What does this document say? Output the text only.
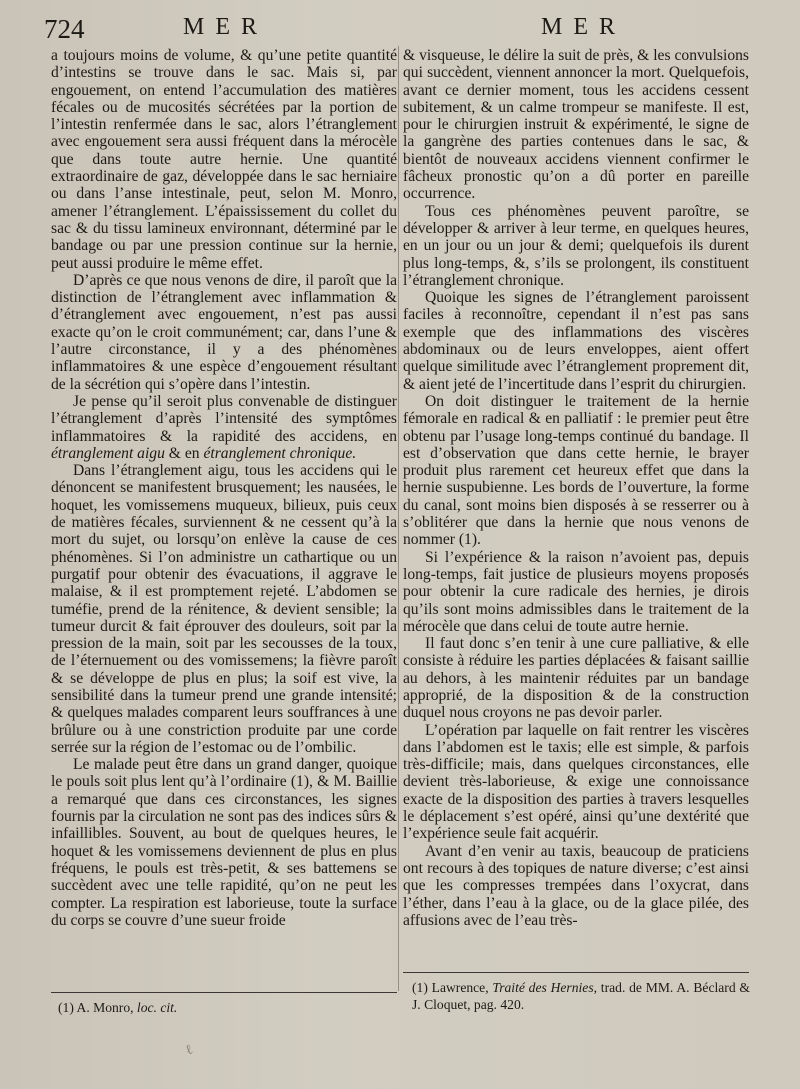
724	MER	MER

a toujours moins de volume, & qu’une petite quantité d’intestins se trouve dans le sac. Mais si, par engouement, on entend l’accumulation des matières fécales ou de mucosités sécrétées par la portion de l’intestin renfermée dans le sac, alors l’étranglement avec engouement sera aussi fréquent dans la mérocèle que dans toute autre hernie. Une quantité extraordinaire de gaz, développée dans le sac herniaire ou dans l’anse intestinale, peut, selon M. Monro, amener l’étranglement. L’épaississement du collet du sac & du tissu lamineux environnant, déterminé par le bandage ou par une pression continue sur la hernie, peut aussi produire le même effet.

D’après ce que nous venons de dire, il paroît que la distinction de l’étranglement avec inflammation & d’étranglement avec engouement, n’est pas aussi exacte qu’on le croit communément; car, dans l’une & l’autre circonstance, il y a des phénomènes inflammatoires & une espèce d’engouement résultant de la sécrétion qui s’opère dans l’intestin.

Je pense qu’il seroit plus convenable de distinguer l’étranglement d’après l’intensité des symptômes inflammatoires & la rapidité des accidens, en étranglement aigu & en étranglement chronique.

Dans l’étranglement aigu, tous les accidens qui le dénoncent se manifestent brusquement; les nausées, le hoquet, les vomissemens muqueux, bilieux, puis ceux de matières fécales, surviennent & ne cessent qu’à la mort du sujet, ou lorsqu’on enlève la cause de ces phénomènes. Si l’on administre un cathartique ou un purgatif pour obtenir des évacuations, il aggrave le malaise, & il est promptement rejeté. L’abdomen se tuméfie, prend de la rénitence, & devient sensible; la tumeur durcit & fait éprouver des douleurs, soit par la pression de la main, soit par les secousses de la toux, de l’éternuement ou des vomissemens; la fièvre paroît & se développe de plus en plus; la soif est vive, la sensibilité dans la tumeur prend une grande intensité; & quelques malades comparent leurs souffrances à une brûlure ou à une constriction produite par une corde serrée sur la région de l’estomac ou de l’ombilic.

Le malade peut être dans un grand danger, quoique le pouls soit plus lent qu’à l’ordinaire (1), & M. Baillie a remarqué que dans ces circonstances, les signes fournis par la circulation ne sont pas des indices sûrs & infaillibles. Souvent, au bout de quelques heures, le hoquet & les vomissemens deviennent de plus en plus fréquens, le pouls est très-petit, & ses battemens se succèdent avec une telle rapidité, qu’on ne peut les compter. La respiration est laborieuse, toute la surface du corps se couvre d’une sueur froide

& visqueuse, le délire la suit de près, & les convulsions qui succèdent, viennent annoncer la mort. Quelquefois, avant ce dernier moment, tous les accidens cessent subitement, & un calme trompeur se manifeste. Il est, pour le chirurgien instruit & expérimenté, le signe de la gangrène des parties contenues dans le sac, & bientôt de nouveaux accidens viennent confirmer le fâcheux pronostic qu’on a dû porter en pareille occurrence.

Tous ces phénomènes peuvent paroître, se développer & arriver à leur terme, en quelques heures, en un jour ou un jour & demi; quelquefois ils durent plus long-temps, &, s’ils se prolongent, ils constituent l’étranglement chronique.

Quoique les signes de l’étranglement paroissent faciles à reconnoître, cependant il n’est pas sans exemple que des inflammations des viscères abdominaux ou de leurs enveloppes, aient offert quelque similitude avec l’étranglement proprement dit, & aient jeté de l’incertitude dans l’esprit du chirurgien.

On doit distinguer le traitement de la hernie fémorale en radical & en palliatif : le premier peut être obtenu par l’usage long-temps continué du bandage. Il est d’observation que dans cette hernie, le brayer produit plus rarement cet heureux effet que dans la hernie suspubienne. Les bords de l’ouverture, la forme du canal, sont moins bien disposés à se resserrer ou à s’oblitérer que dans la hernie que nous venons de nommer (1).

Si l’expérience & la raison n’avoient pas, depuis long-temps, fait justice de plusieurs moyens proposés pour obtenir la cure radicale des hernies, je dirois qu’ils sont moins admissibles dans le traitement de la mérocèle que dans celui de toute autre hernie.

Il faut donc s’en tenir à une cure palliative, & elle consiste à réduire les parties déplacées & faisant saillie au dehors, à les maintenir réduites par un bandage approprié, de la disposition & de la construction duquel nous croyons ne pas devoir parler.

L’opération par laquelle on fait rentrer les viscères dans l’abdomen est le taxis; elle est simple, & parfois très-difficile; mais, dans quelques circonstances, elle devient très-laborieuse, & exige une connoissance exacte de la disposition des parties à travers lesquelles le déplacement s’est opéré, ainsi qu’une dextérité que l’expérience seule fait acquérir.

Avant d’en venir au taxis, beaucoup de praticiens ont recours à des topiques de nature diverse; c’est ainsi que les compresses trempées dans l’oxycrat, dans l’éther, dans l’eau à la glace, ou de la glace pilée, des affusions avec de l’eau très-

(1) A. Monro, loc. cit.
(1) Lawrence, Traité des Hernies, trad. de MM. A. Béclard & J. Cloquet, pag. 420.
ℓ
